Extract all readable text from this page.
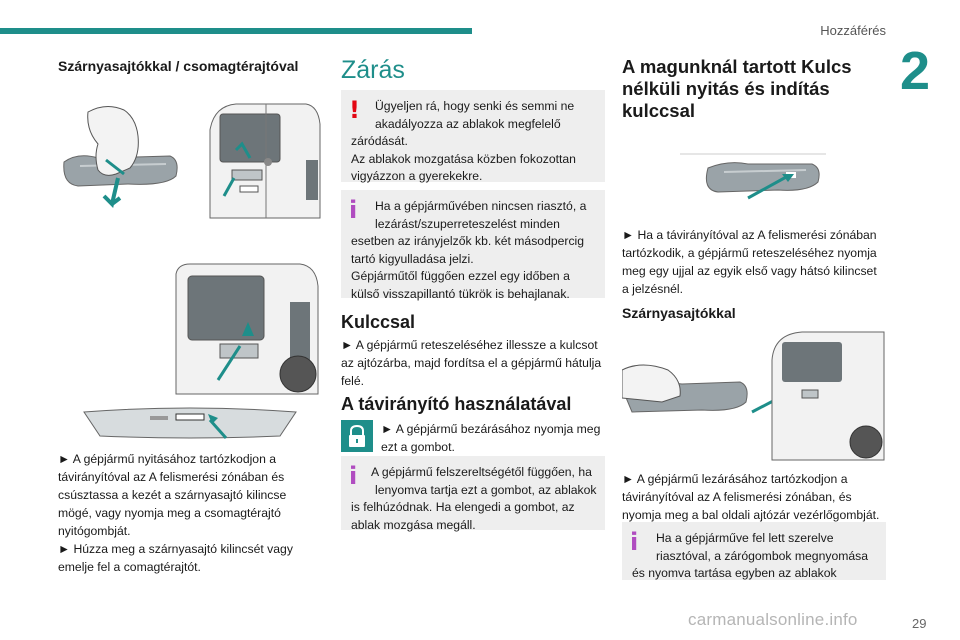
Hozzáférés
2
Szárnyasajtókkal / csomagtérajtóval
► A gépjármű nyitásához tartózkodjon a
távirányítóval az A felismerési zónában és
csúsztassa a kezét a szárnyasajtó kilincse
mögé, vagy nyomja meg a csomagtérajtó
nyitógombját.
► Húzza meg a szárnyasajtó kilincsét vagy
emelje fel a comagtérajtót.
Zárás
!	Ügyeljen rá, hogy senki és semmi ne
akadályozza az ablakok megfelelő
záródását.
Az ablakok mozgatása közben fokozottan
vigyázzon a gyerekekre.
i	Ha a gépjárművében nincsen riasztó, a
lezárást/szuperreteszelést minden
esetben az irányjelzők kb. két másodpercig
tartó kigyulladása jelzi.
Gépjárműtől függően ezzel egy időben a
külső visszapillantó tükrök is behajlanak.
Kulccsal
► A gépjármű reteszeléséhez illessze a kulcsot
az ajtózárba, majd fordítsa el a gépjármű hátulja
felé.
A távirányító használatával
► A gépjármű bezárásához nyomja meg
ezt a gombot.
i	A gépjármű felszereltségétől függően, ha
lenyomva tartja ezt a gombot, az ablakok
is felhúzódnak. Ha elengedi a gombot, az
ablak mozgása megáll.
A magunknál tartott Kulcs
nélküli nyitás és indítás
kulccsal
► Ha a távirányítóval az A felismerési zónában
tartózkodik, a gépjármű reteszeléséhez nyomja
meg egy ujjal az egyik első vagy hátsó kilincset
a jelzésnél.
Szárnyasajtókkal
► A gépjármű lezárásához tartózkodjon a
távirányítóval az A felismerési zónában, és
nyomja meg a bal oldali ajtózár vezérlőgombját.
i	Ha a gépjárműve fel lett szerelve
riasztóval, a zárógombok megnyomása
és nyomva tartása egyben az ablakok
carmanualsonline.info	29
